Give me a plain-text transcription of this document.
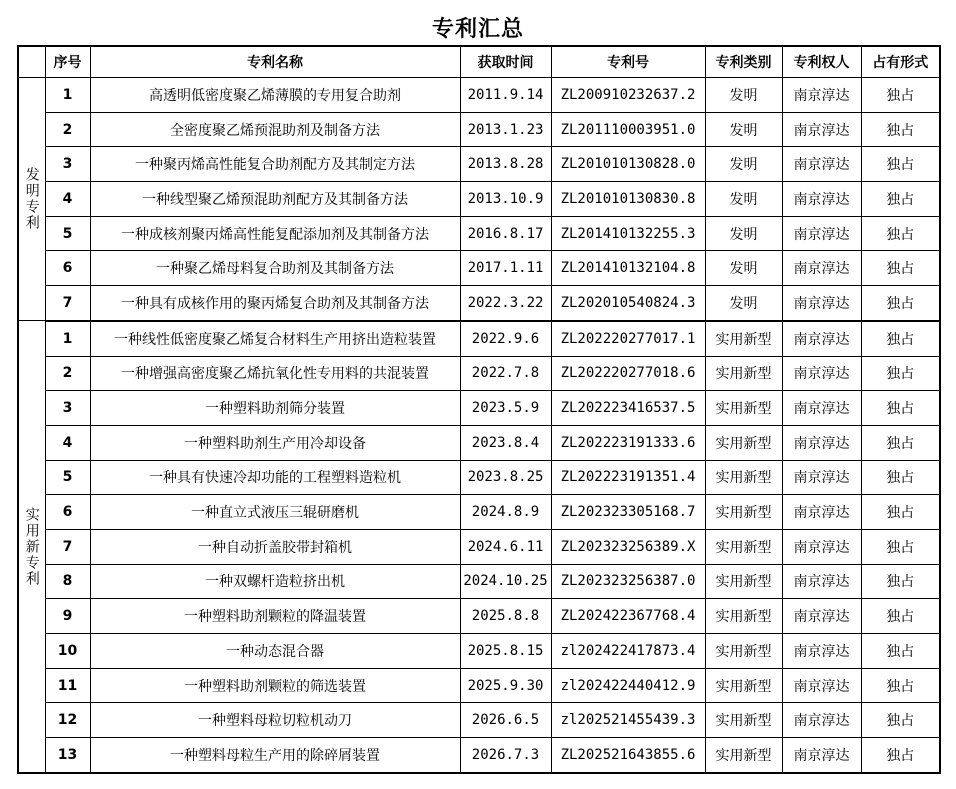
专利汇总
	序号	专利名称	获取时间	专利号	专利类别	专利权人	占有形式
发明专利	1	高透明低密度聚乙烯薄膜的专用复合助剂	2011.9.14	ZL200910232637.2	发明	南京淳达	独占
	2	全密度聚乙烯预混助剂及制备方法	2013.1.23	ZL201110003951.0	发明	南京淳达	独占
	3	一种聚丙烯高性能复合助剂配方及其制定方法	2013.8.28	ZL201010130828.0	发明	南京淳达	独占
	4	一种线型聚乙烯预混助剂配方及其制备方法	2013.10.9	ZL201010130830.8	发明	南京淳达	独占
	5	一种成核剂聚丙烯高性能复配添加剂及其制备方法	2016.8.17	ZL201410132255.3	发明	南京淳达	独占
	6	一种聚乙烯母料复合助剂及其制备方法	2017.1.11	ZL201410132104.8	发明	南京淳达	独占
	7	一种具有成核作用的聚丙烯复合助剂及其制备方法	2022.3.22	ZL202010540824.3	发明	南京淳达	独占
实用新专利	1	一种线性低密度聚乙烯复合材料生产用挤出造粒装置	2022.9.6	ZL202220277017.1	实用新型	南京淳达	独占
	2	一种增强高密度聚乙烯抗氧化性专用料的共混装置	2022.7.8	ZL202220277018.6	实用新型	南京淳达	独占
	3	一种塑料助剂筛分装置	2023.5.9	ZL202223416537.5	实用新型	南京淳达	独占
	4	一种塑料助剂生产用冷却设备	2023.8.4	ZL202223191333.6	实用新型	南京淳达	独占
	5	一种具有快速冷却功能的工程塑料造粒机	2023.8.25	ZL202223191351.4	实用新型	南京淳达	独占
	6	一种直立式液压三辊研磨机	2024.8.9	ZL202323305168.7	实用新型	南京淳达	独占
	7	一种自动折盖胶带封箱机	2024.6.11	ZL202323256389.X	实用新型	南京淳达	独占
	8	一种双螺杆造粒挤出机	2024.10.25	ZL202323256387.0	实用新型	南京淳达	独占
	9	一种塑料助剂颗粒的降温装置	2025.8.8	ZL202422367768.4	实用新型	南京淳达	独占
	10	一种动态混合器	2025.8.15	zl202422417873.4	实用新型	南京淳达	独占
	11	一种塑料助剂颗粒的筛选装置	2025.9.30	zl202422440412.9	实用新型	南京淳达	独占
	12	一种塑料母粒切粒机动刀	2026.6.5	zl202521455439.3	实用新型	南京淳达	独占
	13	一种塑料母粒生产用的除碎屑装置	2026.7.3	ZL202521643855.6	实用新型	南京淳达	独占
